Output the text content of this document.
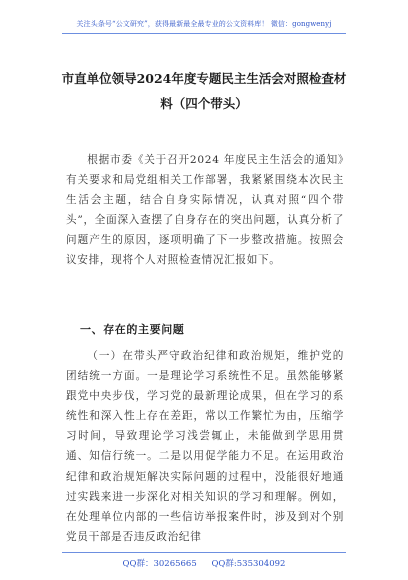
关注头条号“公文研究”，获得最新最全最专业的公文资料库！ 微信：gongwenyj
市直单位领导2024年度专题民主生活会对照检查材料（四个带头）
根据市委《关于召开2024 年度民主生活会的通知》有关要求和局党组相关工作部署，我紧紧围绕本次民主生活会主题，结合自身实际情况，认真对照“四个带头”，全面深入查摆了自身存在的突出问题，认真分析了问题产生的原因，逐项明确了下一步整改措施。按照会议安排，现将个人对照检查情况汇报如下。
一、存在的主要问题
（一）在带头严守政治纪律和政治规矩，维护党的团结统一方面。一是理论学习系统性不足。虽然能够紧跟党中央步伐，学习党的最新理论成果，但在学习的系统性和深入性上存在差距，常以工作繁忙为由，压缩学习时间，导致理论学习浅尝辄止，未能做到学思用贯通、知信行统一。二是以用促学能力不足。在运用政治纪律和政治规矩解决实际问题的过程中，没能很好地通过实践来进一步深化对相关知识的学习和理解。例如，在处理单位内部的一些信访举报案件时，涉及到对个别党员干部是否违反政治纪律
QQ群：30265665 QQ群:535304092
